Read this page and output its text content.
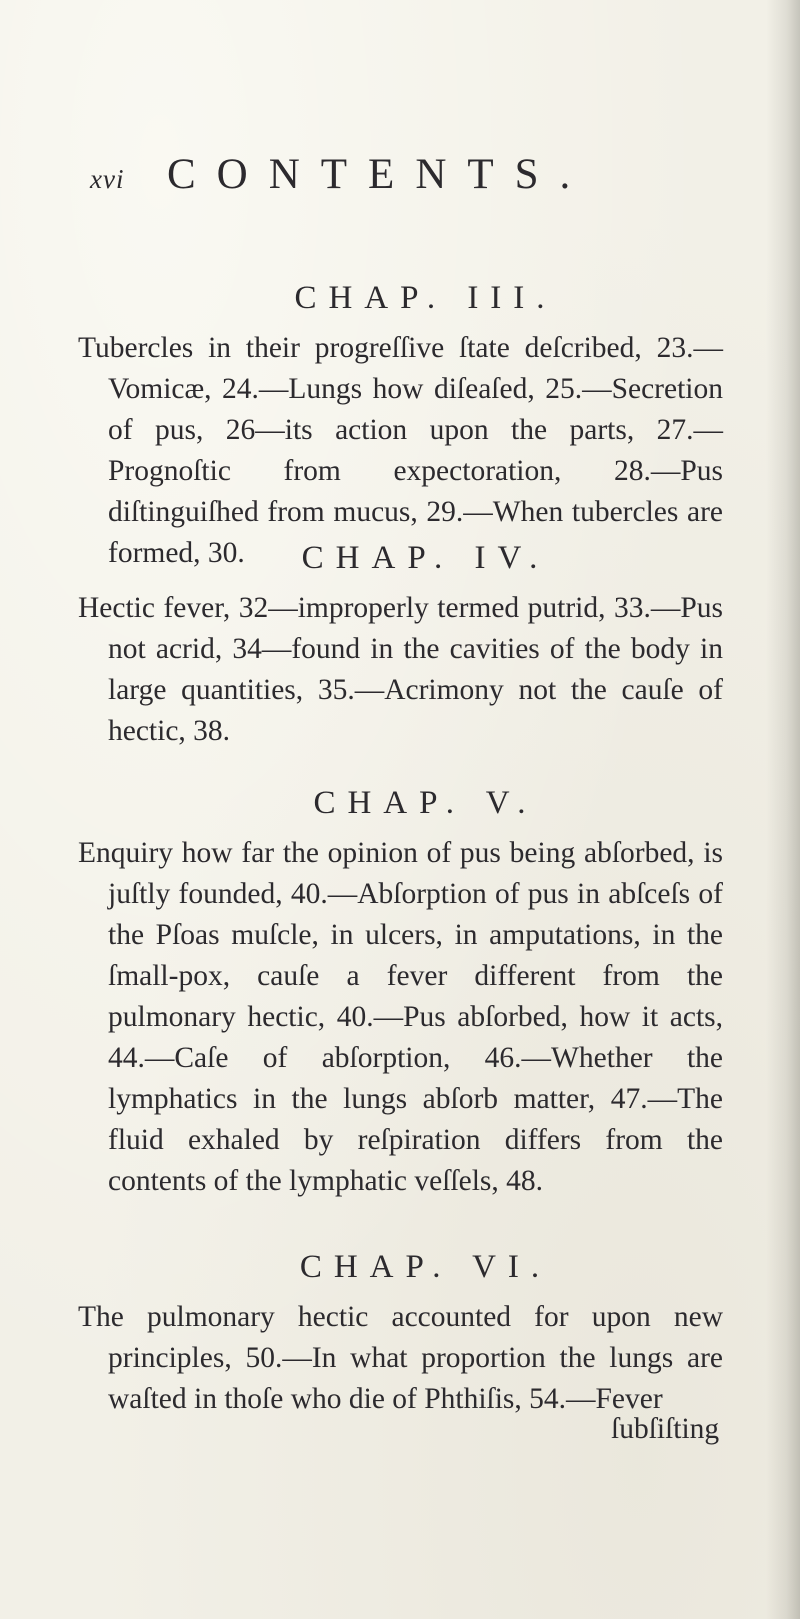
xvi CONTENTS.
CHAP. III.
Tubercles in their progreſſive ſtate deſcribed, 23.—Vomicæ, 24.—Lungs how diſeaſed, 25.—Secretion of pus, 26—its action upon the parts, 27.—Prognoſtic from expectoration, 28.—Pus diſtinguiſhed from mucus, 29.—When tubercles are formed, 30.	CHAP. IV.
Hectic fever, 32—improperly termed putrid, 33.—Pus not acrid, 34—found in the cavities of the body in large quantities, 35.—Acrimony not the cauſe of hectic, 38.
CHAP. V.
Enquiry how far the opinion of pus being abſorbed, is juſtly founded, 40.—Abſorption of pus in abſceſs of the Pſoas muſcle, in ulcers, in amputations, in the ſmall-pox, cauſe a fever different from the pulmonary hectic, 40.—Pus abſorbed, how it acts, 44.—Caſe of abſorption, 46.—Whether the lymphatics in the lungs abſorb matter, 47.—The fluid exhaled by reſpiration differs from the contents of the lymphatic veſſels, 48.
CHAP. VI.
The pulmonary hectic accounted for upon new principles, 50.—In what proportion the lungs are waſted in thoſe who die of Phthiſis, 54.—Fever
ſubſiſting
